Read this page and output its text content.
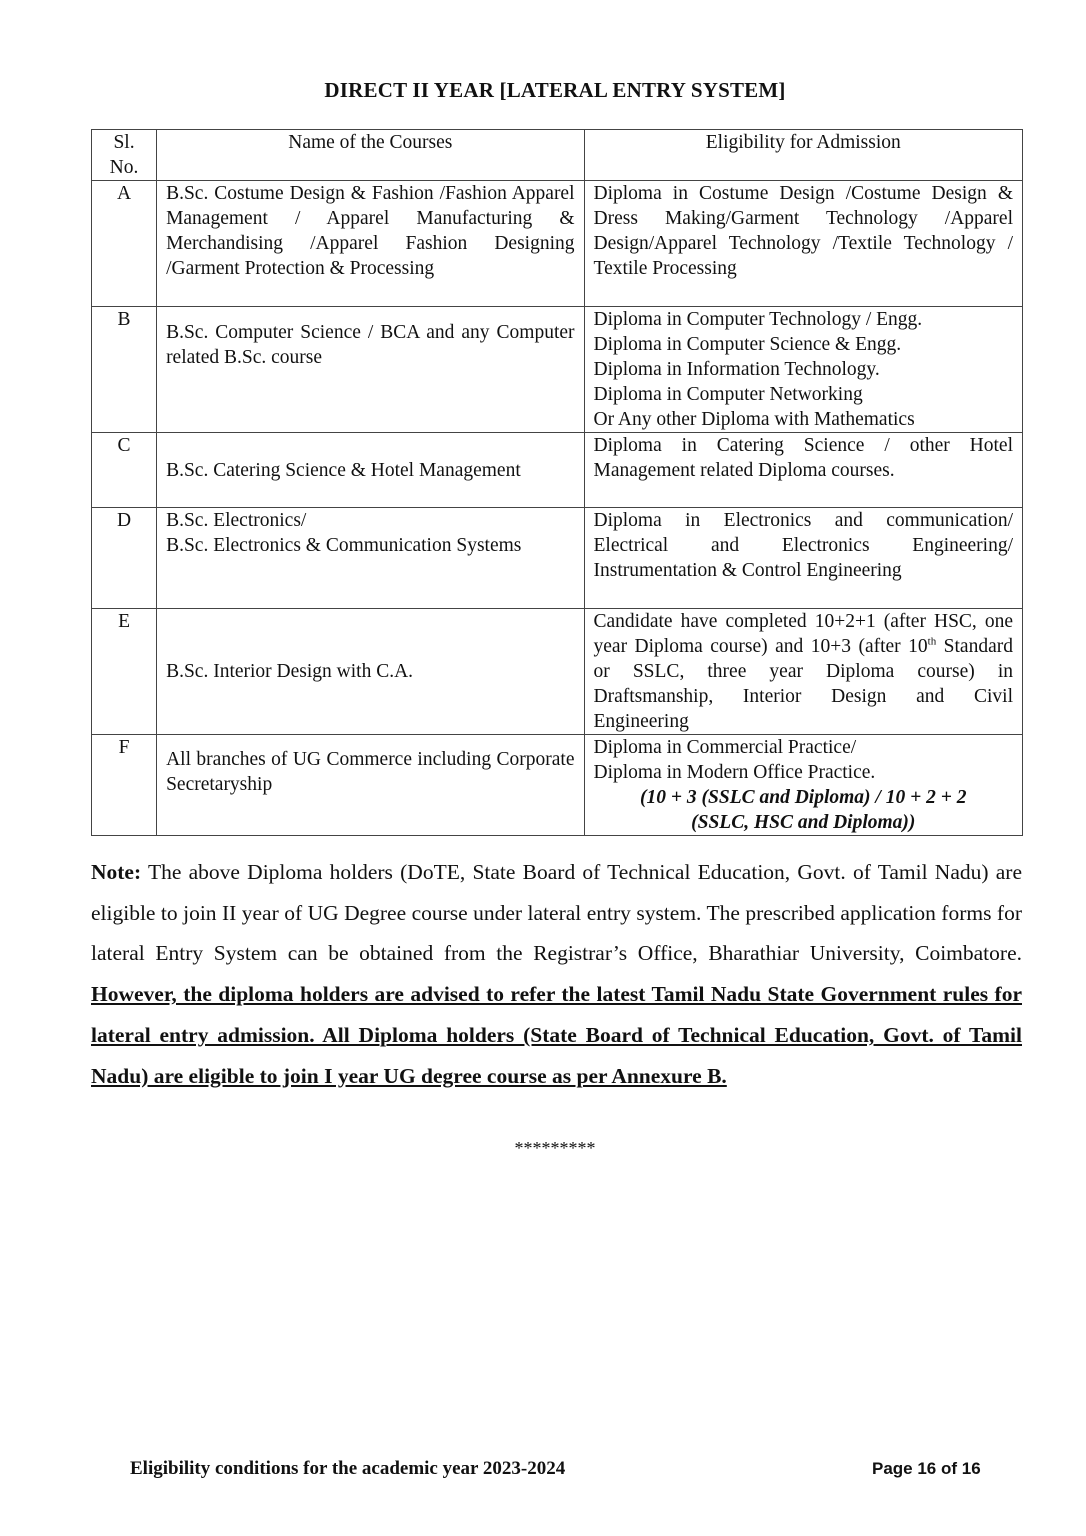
DIRECT II YEAR [LATERAL ENTRY SYSTEM]
Sl. No.	Name of the Courses	Eligibility for Admission
A	B.Sc. Costume Design & Fashion /Fashion Apparel Management / Apparel Manufacturing & Merchandising /Apparel Fashion Designing /Garment Protection & Processing	Diploma in Costume Design /Costume Design & Dress Making/Garment Technology /Apparel Design/Apparel Technology /Textile Technology / Textile Processing
B	B.Sc. Computer Science / BCA and any Computer related B.Sc. course	Diploma in Computer Technology / Engg.
Diploma in Computer Science & Engg.
Diploma in Information Technology.
Diploma in Computer Networking
Or Any other Diploma with Mathematics

C	B.Sc. Catering Science & Hotel Management	Diploma in Catering Science / other Hotel Management related Diploma courses.
D	B.Sc. Electronics/
B.Sc. Electronics & Communication Systems	Diploma in Electronics and communication/ Electrical and Electronics Engineering/ Instrumentation & Control Engineering
E	B.Sc. Interior Design with C.A.	Candidate have completed 10+2+1 (after HSC, one year Diploma course) and 10+3 (after 10th Standard or SSLC, three year Diploma course) in Draftsmanship, Interior Design and Civil Engineering
F	All branches of UG Commerce including Corporate Secretaryship	Diploma in Commercial Practice/
Diploma in Modern Office Practice.
(10 + 3 (SSLC and Diploma) / 10 + 2 + 2
(SSLC, HSC and Diploma))
Note: The above Diploma holders (DoTE, State Board of Technical Education, Govt. of Tamil Nadu) are eligible to join II year of UG Degree course under lateral entry system. The prescribed application forms for lateral Entry System can be obtained from the Registrar’s Office, Bharathiar University, Coimbatore. However, the diploma holders are advised to refer the latest Tamil Nadu State Government rules for lateral entry admission. All Diploma holders (State Board of Technical Education, Govt. of Tamil Nadu) are eligible to join I year UG degree course as per Annexure B.
*********
Eligibility conditions for the academic year 2023-2024	Page 16 of 16
